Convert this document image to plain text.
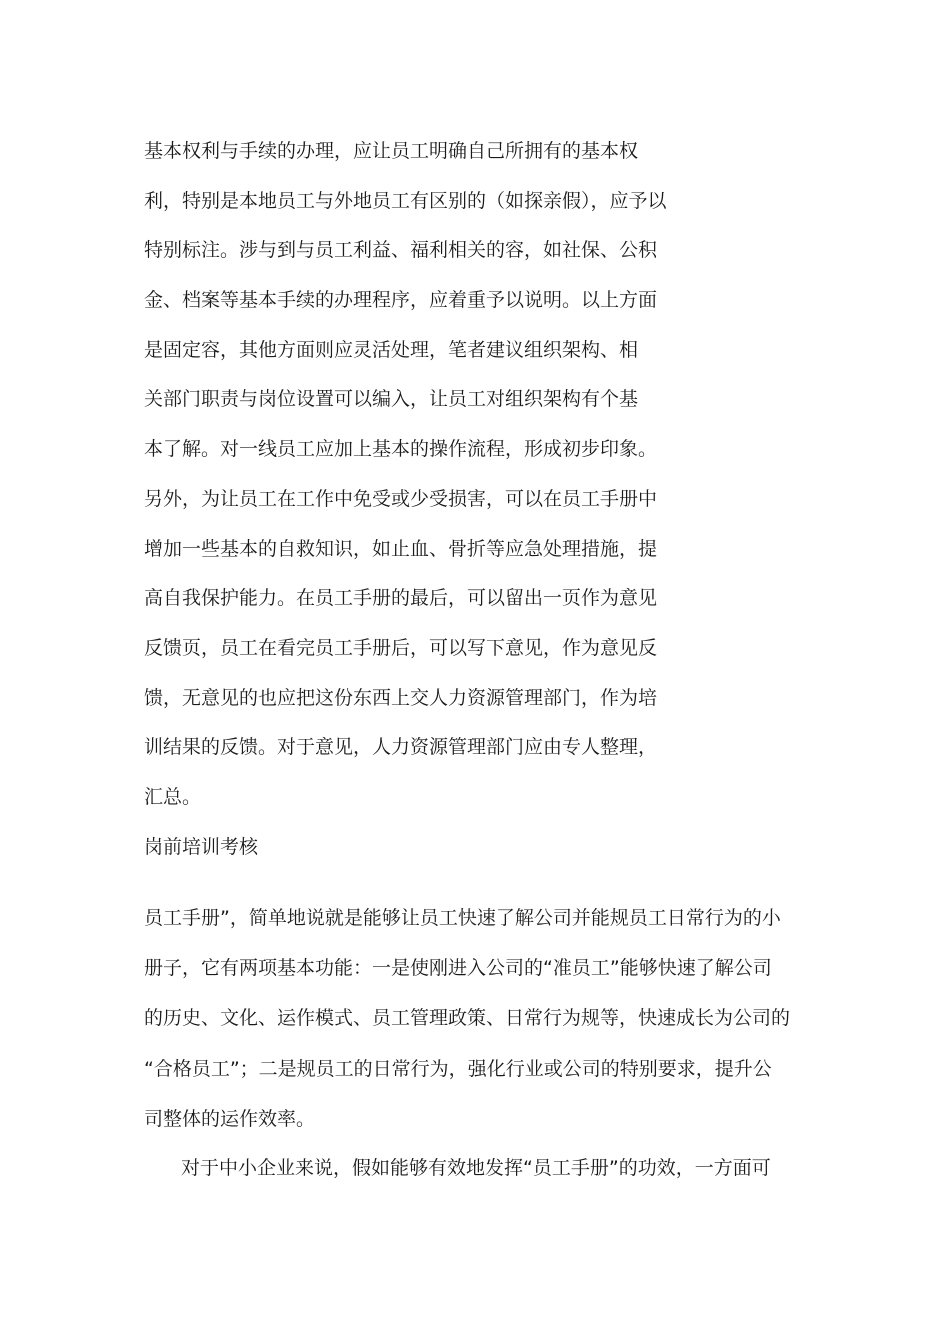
基本权利与手续的办理，应让员工明确自己所拥有的基本权
利，特别是本地员工与外地员工有区别的（如探亲假），应予以
特别标注。涉与到与员工利益、福利相关的容，如社保、公积
金、档案等基本手续的办理程序，应着重予以说明。以上方面
是固定容，其他方面则应灵活处理，笔者建议组织架构、相
关部门职责与岗位设置可以编入，让员工对组织架构有个基
本了解。对一线员工应加上基本的操作流程，形成初步印象。
另外，为让员工在工作中免受或少受损害，可以在员工手册中
增加一些基本的自救知识，如止血、骨折等应急处理措施，提
高自我保护能力。在员工手册的最后，可以留出一页作为意见
反馈页，员工在看完员工手册后，可以写下意见，作为意见反
馈，无意见的也应把这份东西上交人力资源管理部门，作为培
训结果的反馈。对于意见，人力资源管理部门应由专人整理，
汇总。
岗前培训考核
员工手册”，简单地说就是能够让员工快速了解公司并能规员工日常行为的小
册子，它有两项基本功能：一是使刚进入公司的“准员工”能够快速了解公司
的历史、文化、运作模式、员工管理政策、日常行为规等，快速成长为公司的
“合格员工”；二是规员工的日常行为，强化行业或公司的特别要求，提升公
司整体的运作效率。
对于中小企业来说，假如能够有效地发挥“员工手册”的功效，一方面可
